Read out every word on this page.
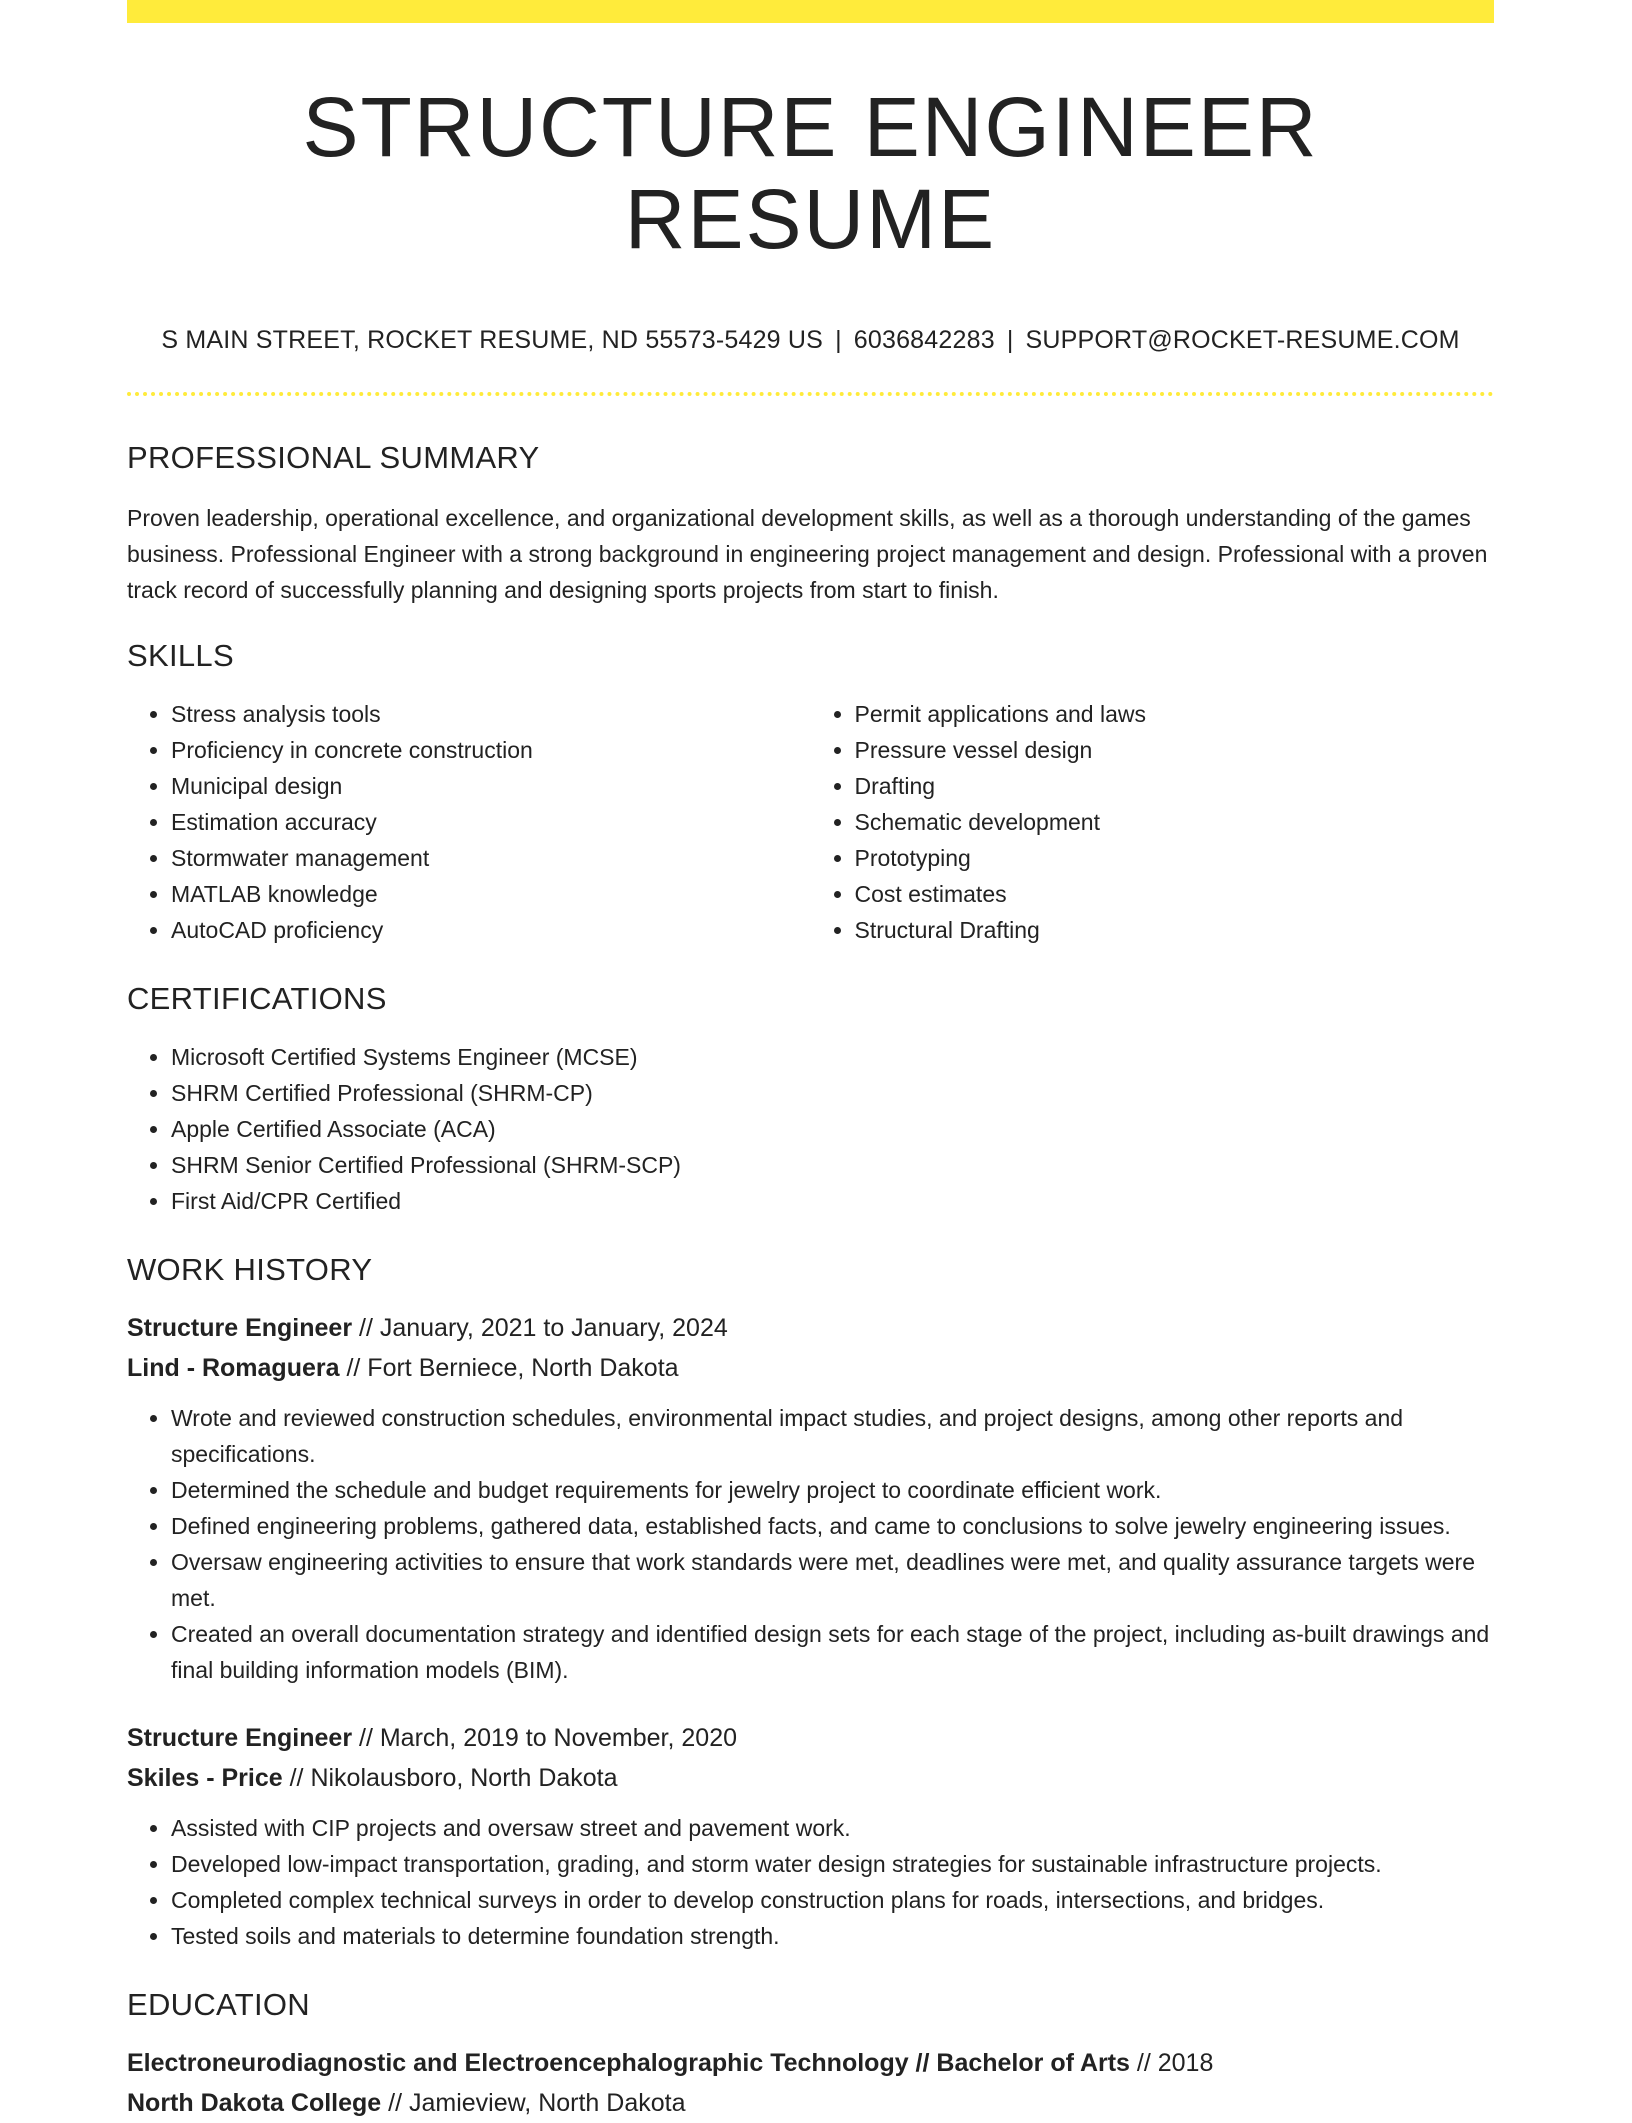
STRUCTURE ENGINEER RESUME
S MAIN STREET, ROCKET RESUME, ND 55573-5429 US | 6036842283 | SUPPORT@ROCKET-RESUME.COM
PROFESSIONAL SUMMARY

Proven leadership, operational excellence, and organizational development skills, as well as a thorough understanding of the games business. Professional Engineer with a strong background in engineering project management and design. Professional with a proven track record of successfully planning and designing sports projects from start to finish.

SKILLS
• Stress analysis tools
• Proficiency in concrete construction
• Municipal design
• Estimation accuracy
• Stormwater management
• MATLAB knowledge
• AutoCAD proficiency
• Permit applications and laws
• Pressure vessel design
• Drafting
• Schematic development
• Prototyping
• Cost estimates
• Structural Drafting
CERTIFICATIONS
• Microsoft Certified Systems Engineer (MCSE)
• SHRM Certified Professional (SHRM-CP)
• Apple Certified Associate (ACA)
• SHRM Senior Certified Professional (SHRM-SCP)
• First Aid/CPR Certified
WORK HISTORY
Structure Engineer // January, 2021 to January, 2024
Lind - Romaguera // Fort Berniece, North Dakota
• Wrote and reviewed construction schedules, environmental impact studies, and project designs, among other reports and specifications.
• Determined the schedule and budget requirements for jewelry project to coordinate efficient work.
• Defined engineering problems, gathered data, established facts, and came to conclusions to solve jewelry engineering issues.
• Oversaw engineering activities to ensure that work standards were met, deadlines were met, and quality assurance targets were met.
• Created an overall documentation strategy and identified design sets for each stage of the project, including as-built drawings and final building information models (BIM).
Structure Engineer // March, 2019 to November, 2020
Skiles - Price // Nikolausboro, North Dakota
• Assisted with CIP projects and oversaw street and pavement work.
• Developed low-impact transportation, grading, and storm water design strategies for sustainable infrastructure projects.
• Completed complex technical surveys in order to develop construction plans for roads, intersections, and bridges.
• Tested soils and materials to determine foundation strength.
EDUCATION
Electroneurodiagnostic and Electroencephalographic Technology // Bachelor of Arts // 2018
North Dakota College // Jamieview, North Dakota
